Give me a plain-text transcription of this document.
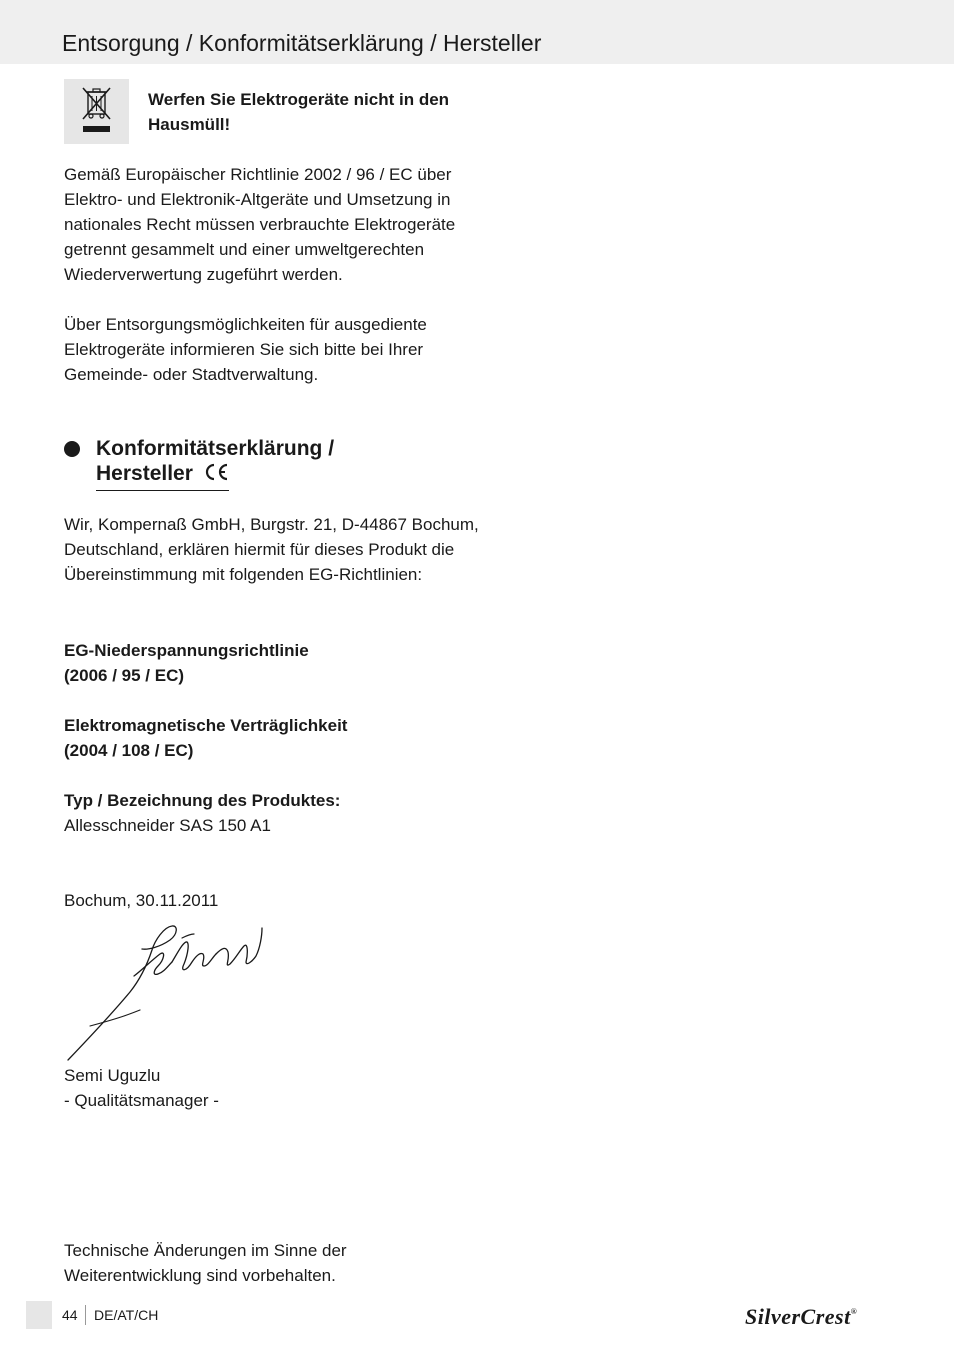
Entsorgung / Konformitätserklärung / Hersteller
Werfen Sie Elektrogeräte nicht in den Hausmüll!

Gemäß Europäischer Richtlinie 2002 / 96 / EC über Elektro- und Elektronik-Altgeräte und Umsetzung in nationales Recht müssen verbrauchte Elektrogeräte getrennt gesammelt und einer umweltgerechten Wiederverwertung zugeführt werden.

Über Entsorgungsmöglichkeiten für ausgediente Elektrogeräte informieren Sie sich bitte bei Ihrer Gemeinde- oder Stadtverwaltung.

Konformitätserklärung /
Hersteller

Wir, Kompernaß GmbH, Burgstr. 21, D-44867 Bochum, Deutschland, erklären hiermit für dieses Produkt die Übereinstimmung mit folgenden EG-Richtlinien:

EG-Niederspannungsrichtlinie
(2006 / 95 / EC)
Elektromagnetische Verträglichkeit
(2004 / 108 / EC)
Typ / Bezeichnung des Produktes:
Allesschneider SAS 150 A1
Bochum, 30.11.2011
Semi Uguzlu
- Qualitätsmanager -

Technische Änderungen im Sinne der Weiterentwicklung sind vorbehalten.

44 DE/AT/CH	SilverCrest®
